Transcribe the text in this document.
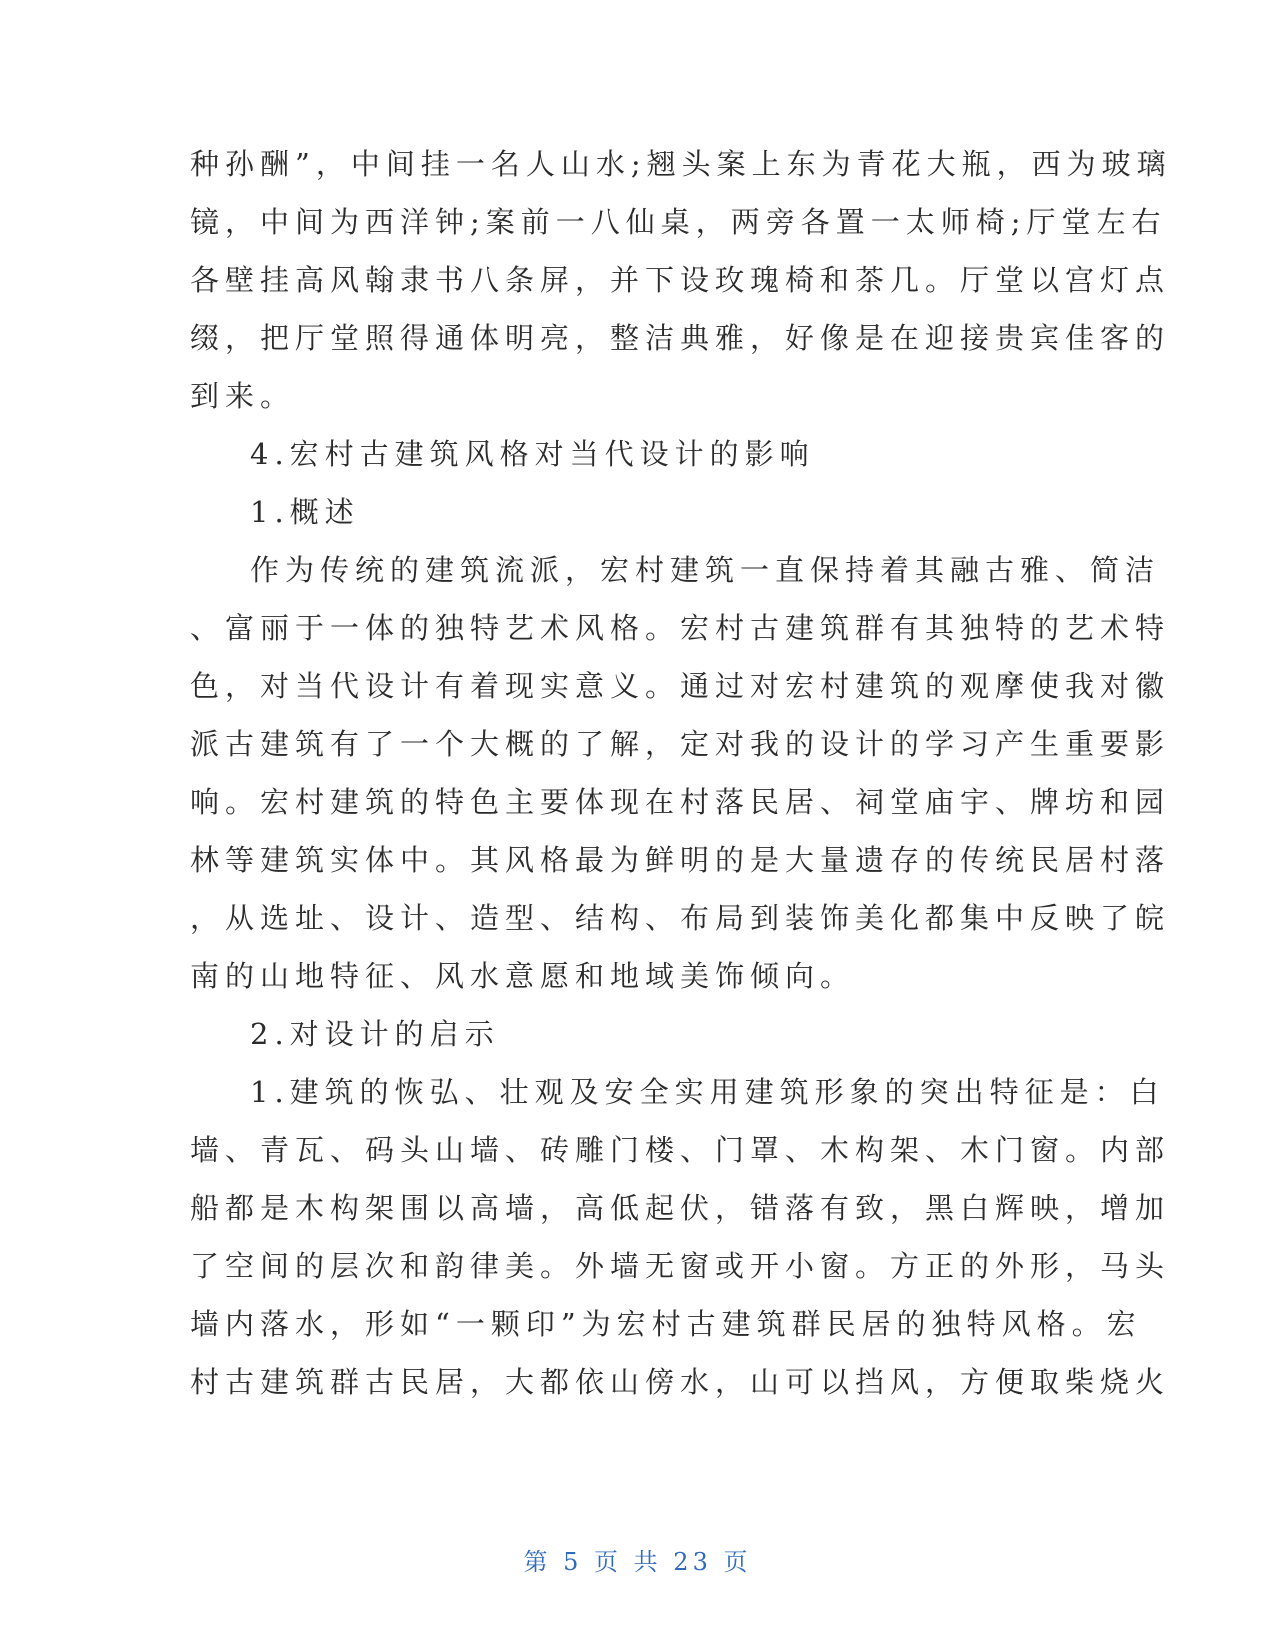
种孙酬”，中间挂一名人山水;翘头案上东为青花大瓶，西为玻璃
镜，中间为西洋钟;案前一八仙桌，两旁各置一太师椅;厅堂左右
各壁挂高风翰隶书八条屏，并下设玫瑰椅和茶几。厅堂以宫灯点
缀，把厅堂照得通体明亮，整洁典雅，好像是在迎接贵宾佳客的
到来。
4.宏村古建筑风格对当代设计的影响
1.概述
作为传统的建筑流派，宏村建筑一直保持着其融古雅、简洁
、富丽于一体的独特艺术风格。宏村古建筑群有其独特的艺术特
色，对当代设计有着现实意义。通过对宏村建筑的观摩使我对徽
派古建筑有了一个大概的了解，定对我的设计的学习产生重要影
响。宏村建筑的特色主要体现在村落民居、祠堂庙宇、牌坊和园
林等建筑实体中。其风格最为鲜明的是大量遗存的传统民居村落
，从选址、设计、造型、结构、布局到装饰美化都集中反映了皖
南的山地特征、风水意愿和地域美饰倾向。
2.对设计的启示
1.建筑的恢弘、壮观及安全实用建筑形象的突出特征是：白
墙、青瓦、码头山墙、砖雕门楼、门罩、木构架、木门窗。内部
船都是木构架围以高墙，高低起伏，错落有致，黑白辉映，增加
了空间的层次和韵律美。外墙无窗或开小窗。方正的外形，马头
墙内落水，形如“一颗印”为宏村古建筑群民居的独特风格。宏
村古建筑群古民居，大都依山傍水，山可以挡风，方便取柴烧火
第 5 页 共 23 页
